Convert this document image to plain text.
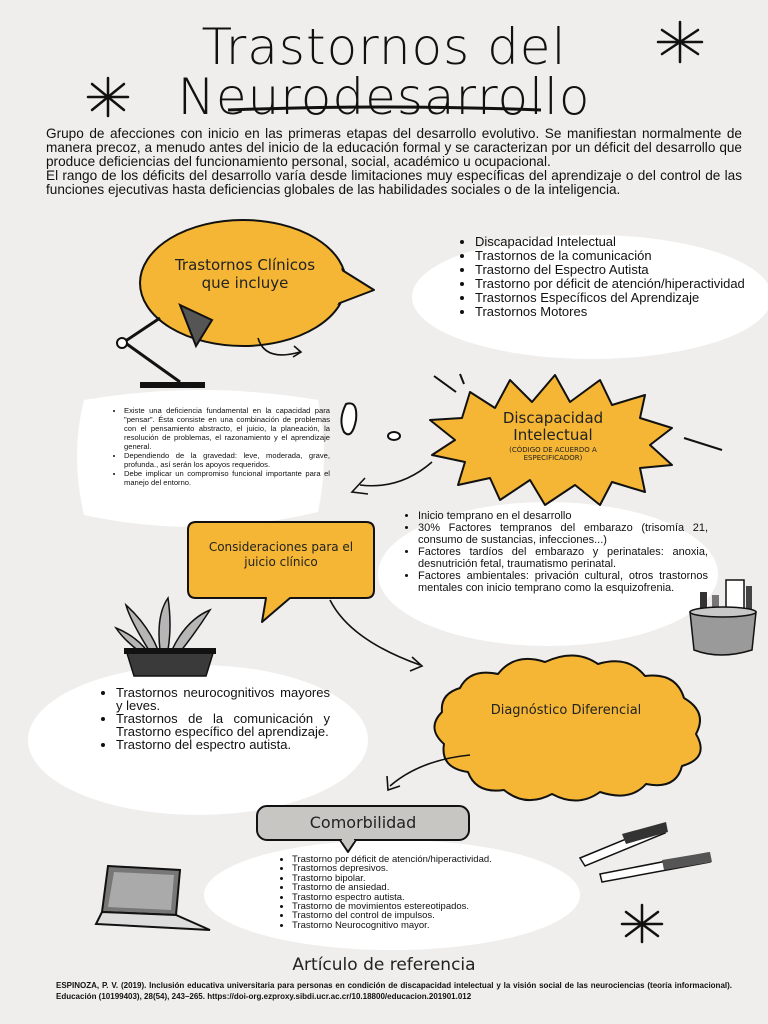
Trastornos del
Neurodesarrollo

Grupo de afecciones con inicio en las primeras etapas del desarrollo evolutivo. Se manifiestan normalmente de manera precoz, a menudo antes del inicio de la educación formal y se caracterizan por un déficit del desarrollo que produce deficiencias del funcionamiento personal, social, académico u ocupacional.

El rango de los déficits del desarrollo varía desde limitaciones muy específicas del aprendizaje o del control de las funciones ejecutivas hasta deficiencias globales de las habilidades sociales o de la inteligencia.

Trastornos Clínicos que incluye
• Discapacidad Intelectual
• Trastornos de la comunicación
• Trastorno del Espectro Autista
• Trastorno por déficit de atención/hiperactividad
• Trastornos Específicos del Aprendizaje
• Trastornos Motores
Discapacidad Intelectual
(CÓDIGO DE ACUERDO A ESPECIFICADOR)
• Existe una deficiencia fundamental en la capacidad para "pensar". Ésta consiste en una combinación de problemas con el pensamiento abstracto, el juicio, la planeación, la resolución de problemas, el razonamiento y el aprendizaje general.
• Dependiendo de la gravedad: leve, moderada, grave, profunda., así serán los apoyos requeridos.
• Debe implicar un compromiso funcional importante para el manejo del entorno.
Consideraciones para el juicio clínico
• Inicio temprano en el desarrollo
• 30% Factores tempranos del embarazo (trisomía 21, consumo de sustancias, infecciones...)
• Factores tardíos del embarazo y perinatales: anoxia, desnutrición fetal, traumatismo perinatal.
• Factores ambientales: privación cultural, otros trastornos mentales con inicio temprano como la esquizofrenia.
Diagnóstico Diferencial
• Trastornos neurocognitivos mayores y leves.
• Trastornos de la comunicación y Trastorno específico del aprendizaje.
• Trastorno del espectro autista.
Comorbilidad
• Trastorno por déficit de atención/hiperactividad.
• Trastornos depresivos.
• Trastorno bipolar.
• Trastorno de ansiedad.
• Trastorno espectro autista.
• Trastorno de movimientos estereotipados.
• Trastorno del control de impulsos.
• Trastorno Neurocognitivo mayor.
Artículo de referencia
ESPINOZA, P. V. (2019). Inclusión educativa universitaria para personas en condición de discapacidad intelectual y la visión social de las neurociencias (teoría informacional). Educación (10199403), 28(54), 243–265. https://doi-org.ezproxy.sibdi.ucr.ac.cr/10.18800/educacion.201901.012
